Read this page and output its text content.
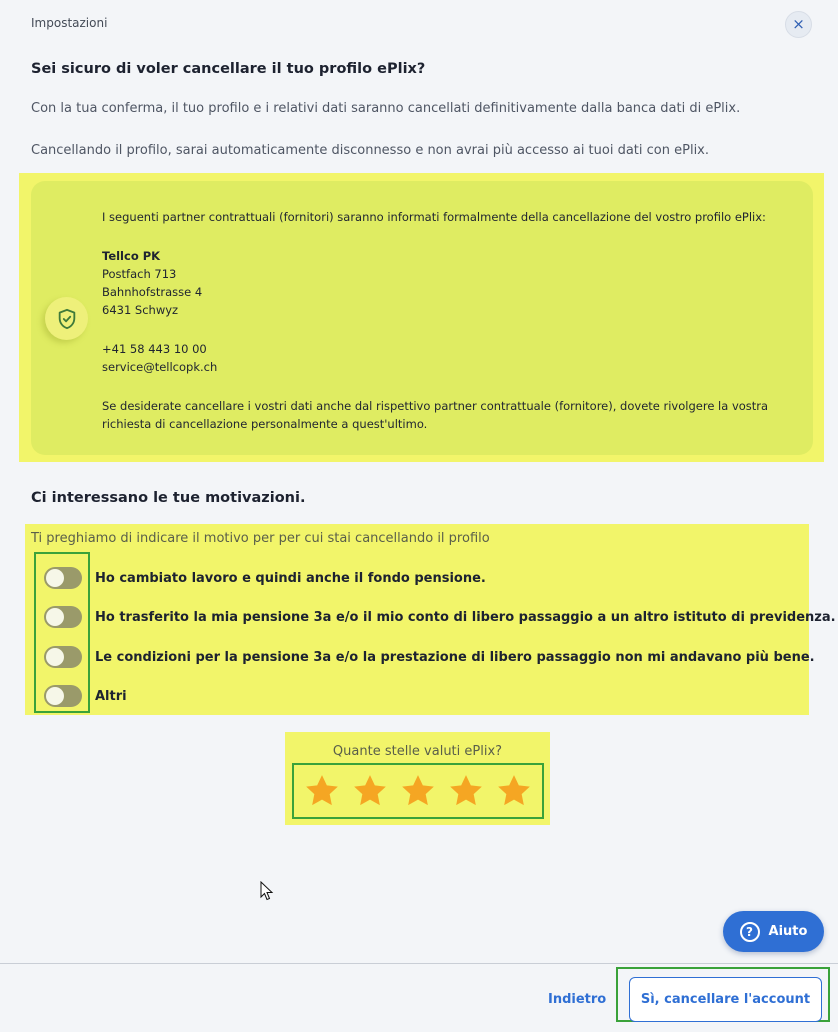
Impostazioni	×
Sei sicuro di voler cancellare il tuo profilo ePlix?
Con la tua conferma, il tuo profilo e i relativi dati saranno cancellati definitivamente dalla banca dati di ePlix.
Cancellando il profilo, sarai automaticamente disconnesso e non avrai più accesso ai tuoi dati con ePlix.
I seguenti partner contrattuali (fornitori) saranno informati formalmente della cancellazione del vostro profilo ePlix:
Tellco PK
Postfach 713
Bahnhofstrasse 4
6431 Schwyz
+41 58 443 10 00
service@tellcopk.ch
Se desiderate cancellare i vostri dati anche dal rispettivo partner contrattuale (fornitore), dovete rivolgere la vostra richiesta di cancellazione personalmente a quest'ultimo.
Ci interessano le tue motivazioni.
Ti preghiamo di indicare il motivo per per cui stai cancellando il profilo
Ho cambiato lavoro e quindi anche il fondo pensione.
Ho trasferito la mia pensione 3a e/o il mio conto di libero passaggio a un altro istituto di previdenza.
Le condizioni per la pensione 3a e/o la prestazione di libero passaggio non mi andavano più bene.
Altri
Quante stelle valuti ePlix?
?	Aiuto
Indietro	Sì, cancellare l'account
